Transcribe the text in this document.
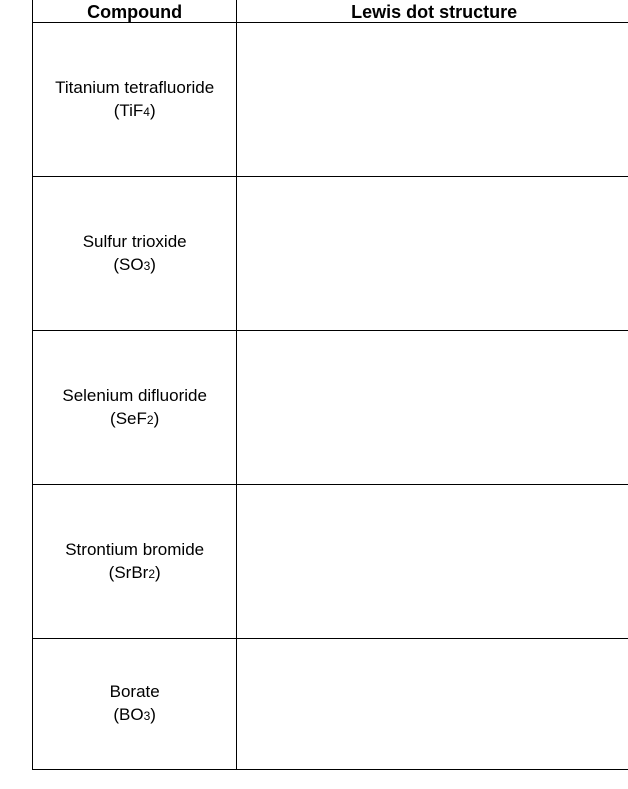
Compound	Lewis dot structure

Titanium tetrafluoride
(TiF4)	

Sulfur trioxide
(SO3)	

Selenium difluoride
(SeF2)	

Strontium bromide
(SrBr2)	

Borate
(BO3)	
